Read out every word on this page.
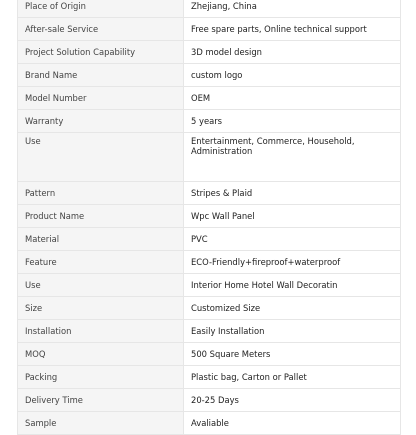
Place of Origin	Zhejiang, China
After-sale Service	Free spare parts, Online technical support
Project Solution Capability	3D model design
Brand Name	custom logo
Model Number	OEM
Warranty	5 years
Use	Entertainment, Commerce, Household, Administration
Pattern	Stripes & Plaid
Product Name	Wpc Wall Panel
Material	PVC
Feature	ECO-Friendly+fireproof+waterproof
Use	Interior Home Hotel Wall Decoratin
Size	Customized Size
Installation	Easily Installation
MOQ	500 Square Meters
Packing	Plastic bag, Carton or Pallet
Delivery Time	20-25 Days
Sample	Avaliable
